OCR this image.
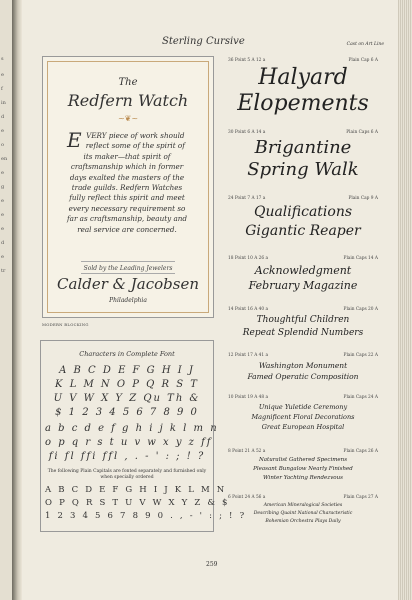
s
e
f
in
d
e
o
en
e
g
e
e
e
d
e
tr
Sterling Cursive	Cast on Art Line
The
Redfern Watch
~❦~
EVERY piece of work should reflect some of the spirit of its maker—that spirit of craftsmanship which in former days exalted the masters of the trade guilds. Redfern Watches fully reflect this spirit and meet every necessary requirement so far as craftsmanship, beauty and real service are concerned.
Sold by the Leading Jewelers
Calder & Jacobsen
Philadelphia
MODERN BLOCKING
Characters in Complete Font
A B C D E F G H I J
K L M N O P Q R S T
U V W X Y Z Qu Th &
$ 1 2 3 4 5 6 7 8 9 0
a b c d e f g h i j k l m n
o p q r s t u v w x y z ff
fi fl ffi ffl , . - ' : ; ! ?
The following Plain Capitals are fonted separately and furnished only when specially ordered
A B C D E F G H I J K L M N
O P Q R S T U V W X Y Z & $
1 2 3 4 5 6 7 8 9 0 . , - ' : ; ! ?
36 Point 5 A 12 a	Plain Cap 6 A
Halyard
Elopements
30 Point 6 A 14 a	Plain Caps 6 A
Brigantine
Spring Walk
24 Point 7 A 17 a	Plain Cap 9 A
Qualifications
Gigantic Reaper
18 Point 10 A 26 a	Plain Caps 14 A
Acknowledgment
February Magazine
14 Point 16 A 40 a	Plain Caps 20 A
Thoughtful Children
Repeat Splendid Numbers
12 Point 17 A 41 a	Plain Caps 22 A
Washington Monument
Famed Operatic Composition
10 Point 19 A 48 a	Plain Caps 24 A
Unique Yuletide Ceremony
Magnificent Floral Decorations
Great European Hospital
8 Point 21 A 52 a	Plain Caps 26 A
Naturalist Gathered Specimens
Pleasant Bungalow Nearly Finished
Winter Yachting Rendezvous
6 Point 24 A 56 a	Plain Caps 27 A
American Mineralogical Societies
Describing Quaint National Characteristic
Bohemian Orchestra Plays Daily
259
